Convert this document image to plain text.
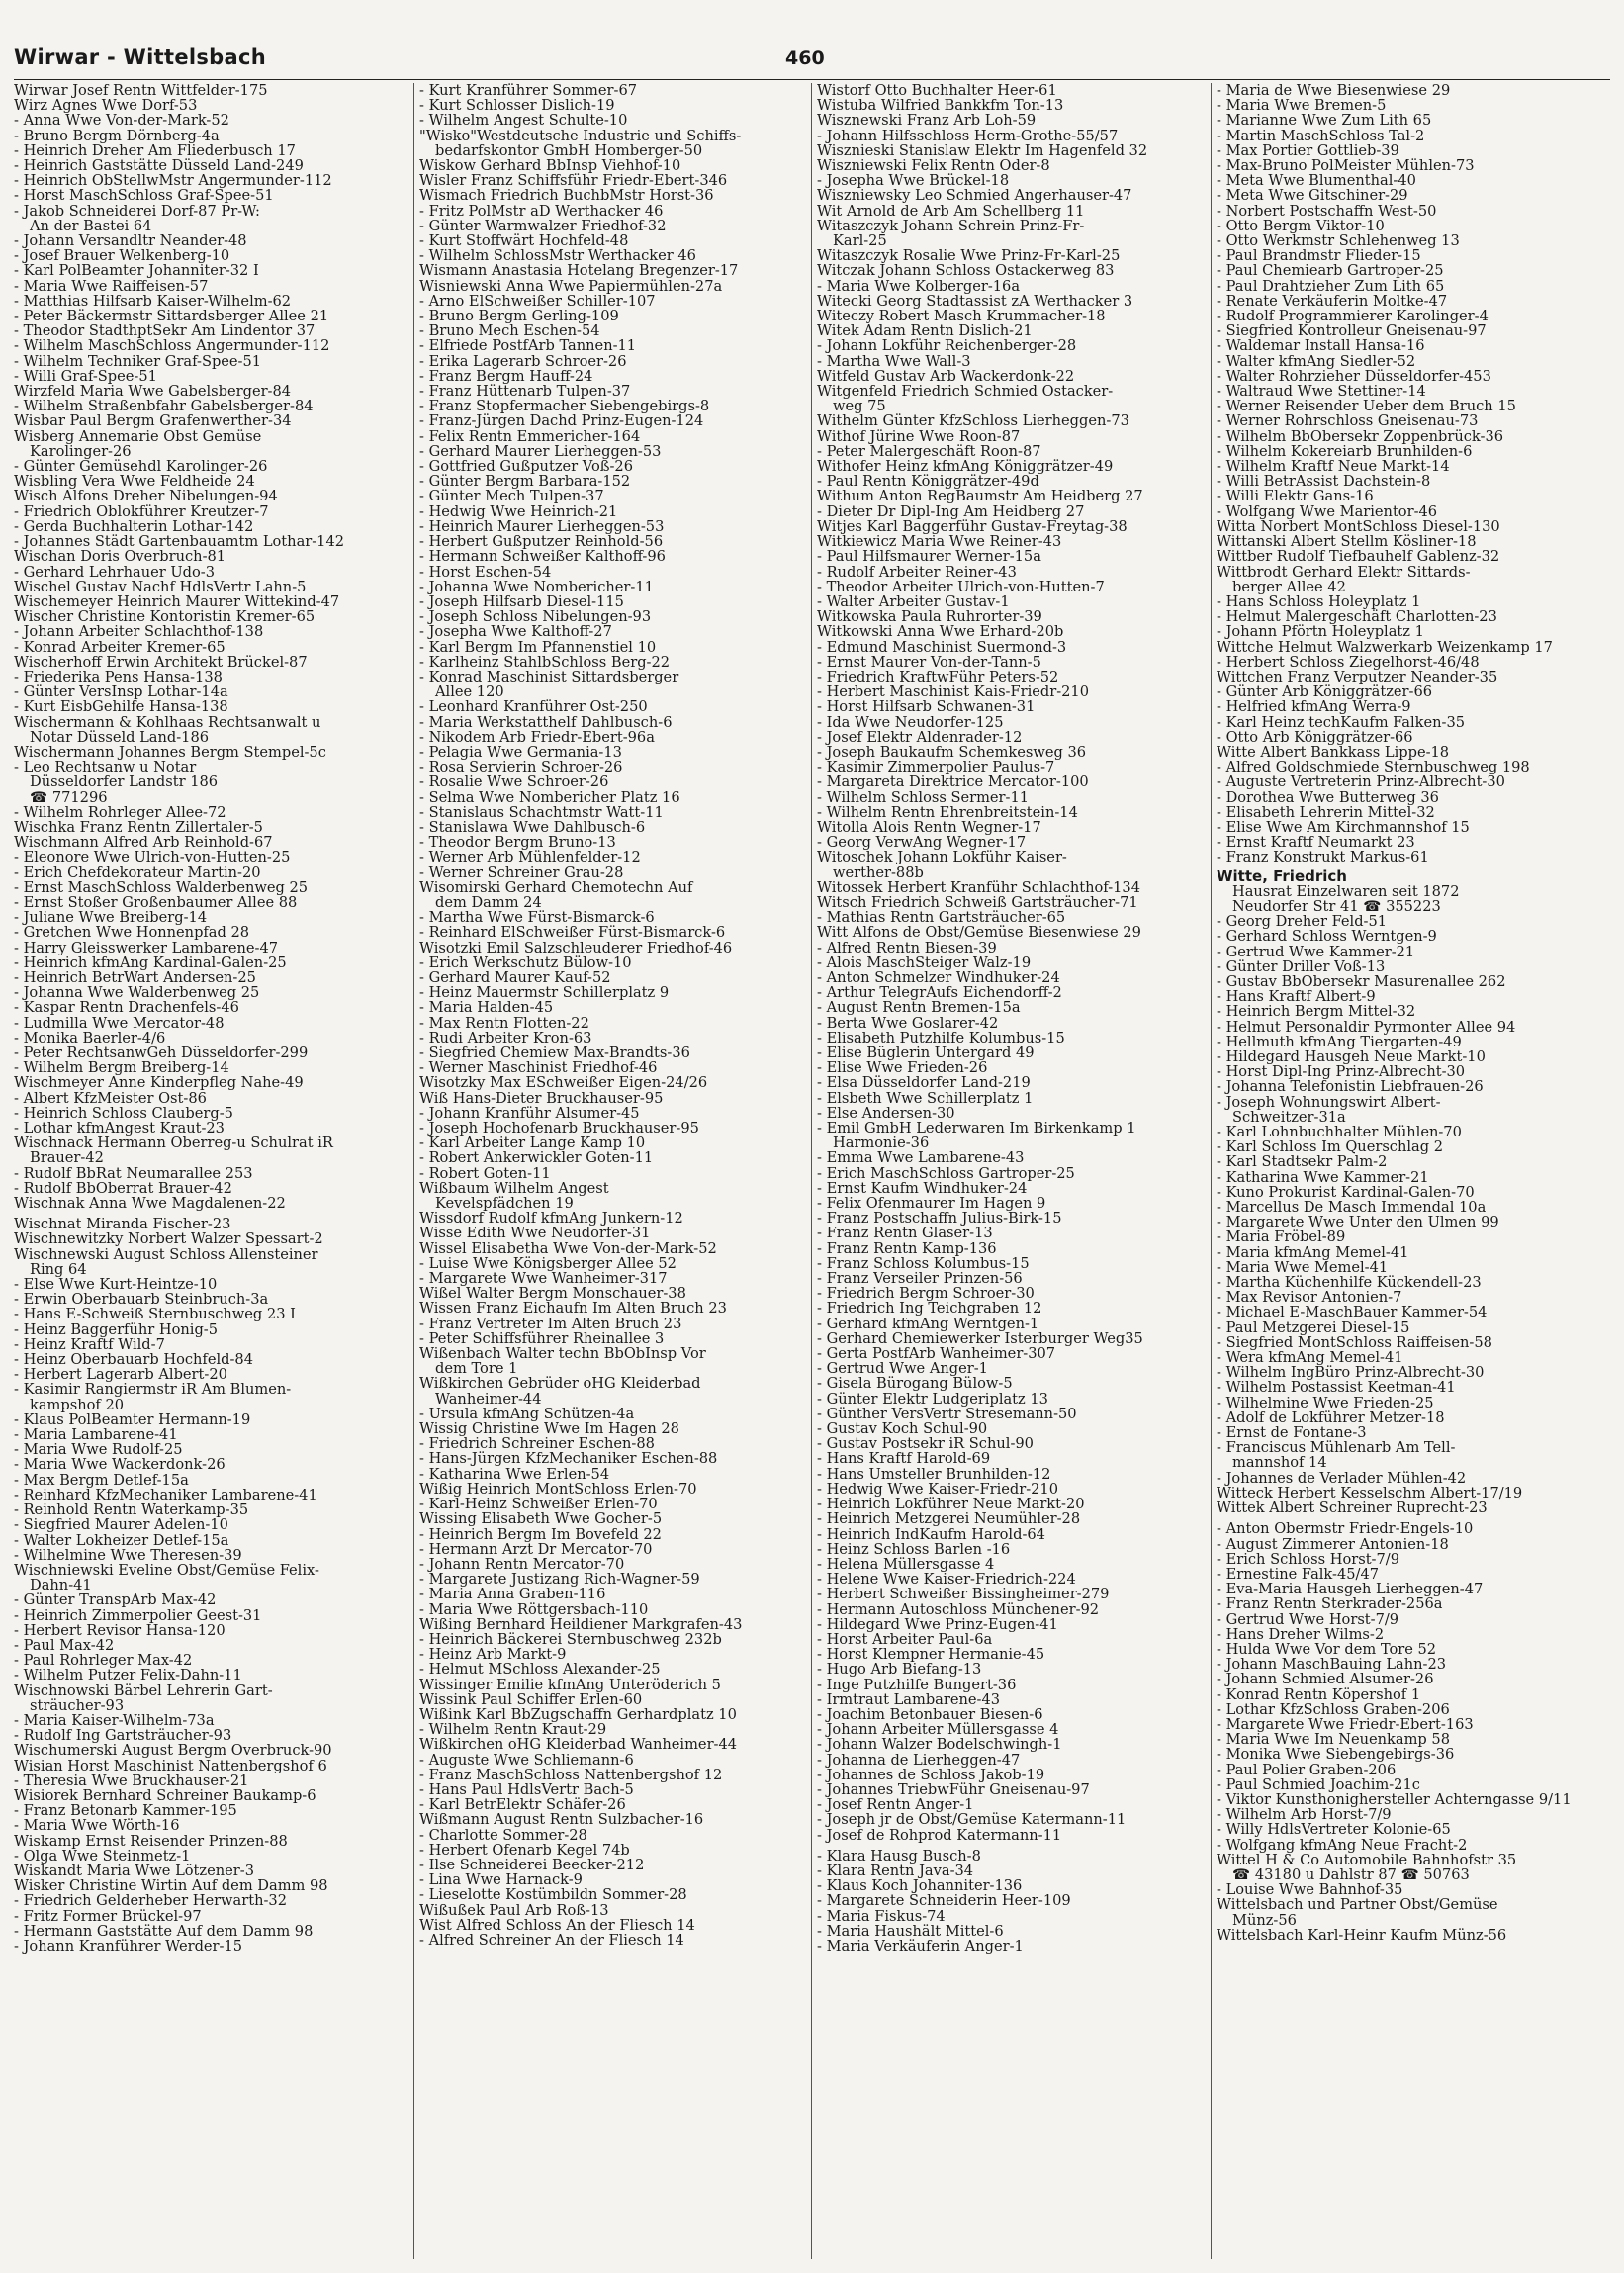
Wirwar - Wittelsbach	460
Wirwar Josef Rentn Wittfelder-175
Wirz Agnes Wwe Dorf-53
- Anna Wwe Von-der-Mark-52
- Bruno Bergm Dörnberg-4a
- Heinrich Dreher Am Fliederbusch 17
- Heinrich Gaststätte Düsseld Land-249
- Heinrich ObStellwMstr Angermunder-112
- Horst MaschSchloss Graf-Spee-51
- Jakob Schneiderei Dorf-87 Pr-W:
An der Bastei 64
- Johann Versandltr Neander-48
- Josef Brauer Welkenberg-10
- Karl PolBeamter Johanniter-32 I
- Maria Wwe Raiffeisen-57
- Matthias Hilfsarb Kaiser-Wilhelm-62
- Peter Bäckermstr Sittardsberger Allee 21
- Theodor StadthptSekr Am Lindentor 37
- Wilhelm MaschSchloss Angermunder-112
- Wilhelm Techniker Graf-Spee-51
- Willi Graf-Spee-51
Wirzfeld Maria Wwe Gabelsberger-84
- Wilhelm Straßenbfahr Gabelsberger-84
Wisbar Paul Bergm Grafenwerther-34
Wisberg Annemarie Obst Gemüse
Karolinger-26
- Günter Gemüsehdl Karolinger-26
Wisbling Vera Wwe Feldheide 24
Wisch Alfons Dreher Nibelungen-94
- Friedrich Oblokführer Kreutzer-7
- Gerda Buchhalterin Lothar-142
- Johannes Städt Gartenbauamtm Lothar-142
Wischan Doris Overbruch-81
- Gerhard Lehrhauer Udo-3
Wischel Gustav Nachf HdlsVertr Lahn-5
Wischemeyer Heinrich Maurer Wittekind-47
Wischer Christine Kontoristin Kremer-65
- Johann Arbeiter Schlachthof-138
- Konrad Arbeiter Kremer-65
Wischerhoff Erwin Architekt Brückel-87
- Friederika Pens Hansa-138
- Günter VersInsp Lothar-14a
- Kurt EisbGehilfe Hansa-138
Wischermann & Kohlhaas Rechtsanwalt u
Notar Düsseld Land-186
Wischermann Johannes Bergm Stempel-5c
- Leo Rechtsanw u Notar
Düsseldorfer Landstr 186
☎ 771296
- Wilhelm Rohrleger Allee-72
Wischka Franz Rentn Zillertaler-5
Wischmann Alfred Arb Reinhold-67
- Eleonore Wwe Ulrich-von-Hutten-25
- Erich Chefdekorateur Martin-20
- Ernst MaschSchloss Walderbenweg 25
- Ernst Stoßer Großenbaumer Allee 88
- Juliane Wwe Breiberg-14
- Gretchen Wwe Honnenpfad 28
- Harry Gleisswerker Lambarene-47
- Heinrich kfmAng Kardinal-Galen-25
- Heinrich BetrWart Andersen-25
- Johanna Wwe Walderbenweg 25
- Kaspar Rentn Drachenfels-46
- Ludmilla Wwe Mercator-48
- Monika Baerler-4/6
- Peter RechtsanwGeh Düsseldorfer-299
- Wilhelm Bergm Breiberg-14
Wischmeyer Anne Kinderpfleg Nahe-49
- Albert KfzMeister Ost-86
- Heinrich Schloss Clauberg-5
- Lothar kfmAngest Kraut-23
Wischnack Hermann Oberreg-u Schulrat iR
Brauer-42
- Rudolf BbRat Neumarallee 253
- Rudolf BbOberrat Brauer-42
Wischnak Anna Wwe Magdalenen-22
Wischnat Miranda Fischer-23
Wischnewitzky Norbert Walzer Spessart-2
Wischnewski August Schloss Allensteiner
Ring 64
- Else Wwe Kurt-Heintze-10
- Erwin Oberbauarb Steinbruch-3a
- Hans E-Schweiß Sternbuschweg 23 I
- Heinz Baggerführ Honig-5
- Heinz Kraftf Wild-7
- Heinz Oberbauarb Hochfeld-84
- Herbert Lagerarb Albert-20
- Kasimir Rangiermstr iR Am Blumen-
kampshof 20
- Klaus PolBeamter Hermann-19
- Maria Lambarene-41
- Maria Wwe Rudolf-25
- Maria Wwe Wackerdonk-26
- Max Bergm Detlef-15a
- Reinhard KfzMechaniker Lambarene-41
- Reinhold Rentn Waterkamp-35
- Siegfried Maurer Adelen-10
- Walter Lokheizer Detlef-15a
- Wilhelmine Wwe Theresen-39
Wischniewski Eveline Obst/Gemüse Felix-
Dahn-41
- Günter TranspArb Max-42
- Heinrich Zimmerpolier Geest-31
- Herbert Revisor Hansa-120
- Paul Max-42
- Paul Rohrleger Max-42
- Wilhelm Putzer Felix-Dahn-11
Wischnowski Bärbel Lehrerin Gart-
sträucher-93
- Maria Kaiser-Wilhelm-73a
- Rudolf Ing Gartsträucher-93
Wischumerski August Bergm Overbruck-90
Wisian Horst Maschinist Nattenbergshof 6
- Theresia Wwe Bruckhauser-21
Wisiorek Bernhard Schreiner Baukamp-6
- Franz Betonarb Kammer-195
- Maria Wwe Wörth-16
Wiskamp Ernst Reisender Prinzen-88
- Olga Wwe Steinmetz-1
Wiskandt Maria Wwe Lötzener-3
Wisker Christine Wirtin Auf dem Damm 98
- Friedrich Gelderheber Herwarth-32
- Fritz Former Brückel-97
- Hermann Gaststätte Auf dem Damm 98
- Johann Kranführer Werder-15
- Kurt Kranführer Sommer-67
- Kurt Schlosser Dislich-19
- Wilhelm Angest Schulte-10
"Wisko"Westdeutsche Industrie und Schiffs-
bedarfskontor GmbH Homberger-50
Wiskow Gerhard BbInsp Viehhof-10
Wisler Franz Schiffsführ Friedr-Ebert-346
Wismach Friedrich BuchbMstr Horst-36
- Fritz PolMstr aD Werthacker 46
- Günter Warmwalzer Friedhof-32
- Kurt Stoffwärt Hochfeld-48
- Wilhelm SchlossMstr Werthacker 46
Wismann Anastasia Hotelang Bregenzer-17
Wisniewski Anna Wwe Papiermühlen-27a
- Arno ElSchweißer Schiller-107
- Bruno Bergm Gerling-109
- Bruno Mech Eschen-54
- Elfriede PostfArb Tannen-11
- Erika Lagerarb Schroer-26
- Franz Bergm Hauff-24
- Franz Hüttenarb Tulpen-37
- Franz Stopfermacher Siebengebirgs-8
- Franz-Jürgen Dachd Prinz-Eugen-124
- Felix Rentn Emmericher-164
- Gerhard Maurer Lierheggen-53
- Gottfried Gußputzer Voß-26
- Günter Bergm Barbara-152
- Günter Mech Tulpen-37
- Hedwig Wwe Heinrich-21
- Heinrich Maurer Lierheggen-53
- Herbert Gußputzer Reinhold-56
- Hermann Schweißer Kalthoff-96
- Horst Eschen-54
- Johanna Wwe Nombericher-11
- Joseph Hilfsarb Diesel-115
- Joseph Schloss Nibelungen-93
- Josepha Wwe Kalthoff-27
- Karl Bergm Im Pfannenstiel 10
- Karlheinz StahlbSchloss Berg-22
- Konrad Maschinist Sittardsberger
Allee 120
- Leonhard Kranführer Ost-250
- Maria Werkstatthelf Dahlbusch-6
- Nikodem Arb Friedr-Ebert-96a
- Pelagia Wwe Germania-13
- Rosa Servierin Schroer-26
- Rosalie Wwe Schroer-26
- Selma Wwe Nombericher Platz 16
- Stanislaus Schachtmstr Watt-11
- Stanislawa Wwe Dahlbusch-6
- Theodor Bergm Bruno-13
- Werner Arb Mühlenfelder-12
- Werner Schreiner Grau-28
Wisomirski Gerhard Chemotechn Auf
dem Damm 24
- Martha Wwe Fürst-Bismarck-6
- Reinhard ElSchweißer Fürst-Bismarck-6
Wisotzki Emil Salzschleuderer Friedhof-46
- Erich Werkschutz Bülow-10
- Gerhard Maurer Kauf-52
- Heinz Mauermstr Schillerplatz 9
- Maria Halden-45
- Max Rentn Flotten-22
- Rudi Arbeiter Kron-63
- Siegfried Chemiew Max-Brandts-36
- Werner Maschinist Friedhof-46
Wisotzky Max ESchweißer Eigen-24/26
Wiß Hans-Dieter Bruckhauser-95
- Johann Kranführ Alsumer-45
- Joseph Hochofenarb Bruckhauser-95
- Karl Arbeiter Lange Kamp 10
- Robert Ankerwickler Goten-11
- Robert Goten-11
Wißbaum Wilhelm Angest
Kevelspfädchen 19
Wissdorf Rudolf kfmAng Junkern-12
Wisse Edith Wwe Neudorfer-31
Wissel Elisabetha Wwe Von-der-Mark-52
- Luise Wwe Königsberger Allee 52
- Margarete Wwe Wanheimer-317
Wißel Walter Bergm Monschauer-38
Wissen Franz Eichaufn Im Alten Bruch 23
- Franz Vertreter Im Alten Bruch 23
- Peter Schiffsführer Rheinallee 3
Wißenbach Walter techn BbObInsp Vor
dem Tore 1
Wißkirchen Gebrüder oHG Kleiderbad
Wanheimer-44
- Ursula kfmAng Schützen-4a
Wissig Christine Wwe Im Hagen 28
- Friedrich Schreiner Eschen-88
- Hans-Jürgen KfzMechaniker Eschen-88
- Katharina Wwe Erlen-54
Wißig Heinrich MontSchloss Erlen-70
- Karl-Heinz Schweißer Erlen-70
Wissing Elisabeth Wwe Gocher-5
- Heinrich Bergm Im Bovefeld 22
- Hermann Arzt Dr Mercator-70
- Johann Rentn Mercator-70
- Margarete Justizang Rich-Wagner-59
- Maria Anna Graben-116
- Maria Wwe Röttgersbach-110
Wißing Bernhard Heildiener Markgrafen-43
- Heinrich Bäckerei Sternbuschweg 232b
- Heinz Arb Markt-9
- Helmut MSchloss Alexander-25
Wissinger Emilie kfmAng Unteröderich 5
Wissink Paul Schiffer Erlen-60
Wißink Karl BbZugschaffn Gerhardplatz 10
- Wilhelm Rentn Kraut-29
Wißkirchen oHG Kleiderbad Wanheimer-44
- Auguste Wwe Schliemann-6
- Franz MaschSchloss Nattenbergshof 12
- Hans Paul HdlsVertr Bach-5
- Karl BetrElektr Schäfer-26
Wißmann August Rentn Sulzbacher-16
- Charlotte Sommer-28
- Herbert Ofenarb Kegel 74b
- Ilse Schneiderei Beecker-212
- Lina Wwe Harnack-9
- Lieselotte Kostümbildn Sommer-28
Wißußek Paul Arb Roß-13
Wist Alfred Schloss An der Fliesch 14
- Alfred Schreiner An der Fliesch 14
Wistorf Otto Buchhalter Heer-61
Wistuba Wilfried Bankkfm Ton-13
Wisznewski Franz Arb Loh-59
- Johann Hilfsschloss Herm-Grothe-55/57
Wisznieski Stanislaw Elektr Im Hagenfeld 32
Wiszniewski Felix Rentn Oder-8
- Josepha Wwe Brückel-18
Wiszniewsky Leo Schmied Angerhauser-47
Wit Arnold de Arb Am Schellberg 11
Witaszczyk Johann Schrein Prinz-Fr-
Karl-25
Witaszczyk Rosalie Wwe Prinz-Fr-Karl-25
Witczak Johann Schloss Ostackerweg 83
- Maria Wwe Kolberger-16a
Witecki Georg Stadtassist zA Werthacker 3
Witeczy Robert Masch Krummacher-18
Witek Adam Rentn Dislich-21
- Johann Lokführ Reichenberger-28
- Martha Wwe Wall-3
Witfeld Gustav Arb Wackerdonk-22
Witgenfeld Friedrich Schmied Ostacker-
weg 75
Withelm Günter KfzSchloss Lierheggen-73
Withof Jürine Wwe Roon-87
- Peter Malergeschäft Roon-87
Withofer Heinz kfmAng Königgrätzer-49
- Paul Rentn Königgrätzer-49d
Withum Anton RegBaumstr Am Heidberg 27
- Dieter Dr Dipl-Ing Am Heidberg 27
Witjes Karl Baggerführ Gustav-Freytag-38
Witkiewicz Maria Wwe Reiner-43
- Paul Hilfsmaurer Werner-15a
- Rudolf Arbeiter Reiner-43
- Theodor Arbeiter Ulrich-von-Hutten-7
- Walter Arbeiter Gustav-1
Witkowska Paula Ruhrorter-39
Witkowski Anna Wwe Erhard-20b
- Edmund Maschinist Suermond-3
- Ernst Maurer Von-der-Tann-5
- Friedrich KraftwFühr Peters-52
- Herbert Maschinist Kais-Friedr-210
- Horst Hilfsarb Schwanen-31
- Ida Wwe Neudorfer-125
- Josef Elektr Aldenrader-12
- Joseph Baukaufm Schemkesweg 36
- Kasimir Zimmerpolier Paulus-7
- Margareta Direktrice Mercator-100
- Wilhelm Schloss Sermer-11
- Wilhelm Rentn Ehrenbreitstein-14
Witolla Alois Rentn Wegner-17
- Georg VerwAng Wegner-17
Witoschek Johann Lokführ Kaiser-
werther-88b
Witossek Herbert Kranführ Schlachthof-134
Witsch Friedrich Schweiß Gartsträucher-71
- Mathias Rentn Gartsträucher-65
Witt Alfons de Obst/Gemüse Biesenwiese 29
- Alfred Rentn Biesen-39
- Alois MaschSteiger Walz-19
- Anton Schmelzer Windhuker-24
- Arthur TelegrAufs Eichendorff-2
- August Rentn Bremen-15a
- Berta Wwe Goslarer-42
- Elisabeth Putzhilfe Kolumbus-15
- Elise Büglerin Untergard 49
- Elise Wwe Frieden-26
- Elsa Düsseldorfer Land-219
- Elsbeth Wwe Schillerplatz 1
- Else Andersen-30
- Emil GmbH Lederwaren Im Birkenkamp 1
Harmonie-36
- Emma Wwe Lambarene-43
- Erich MaschSchloss Gartroper-25
- Ernst Kaufm Windhuker-24
- Felix Ofenmaurer Im Hagen 9
- Franz Postschaffn Julius-Birk-15
- Franz Rentn Glaser-13
- Franz Rentn Kamp-136
- Franz Schloss Kolumbus-15
- Franz Verseiler Prinzen-56
- Friedrich Bergm Schroer-30
- Friedrich Ing Teichgraben 12
- Gerhard kfmAng Werntgen-1
- Gerhard Chemiewerker Isterburger Weg35
- Gerta PostfArb Wanheimer-307
- Gertrud Wwe Anger-1
- Gisela Bürogang Bülow-5
- Günter Elektr Ludgeriplatz 13
- Günther VersVertr Stresemann-50
- Gustav Koch Schul-90
- Gustav Postsekr iR Schul-90
- Hans Kraftf Harold-69
- Hans Umsteller Brunhilden-12
- Hedwig Wwe Kaiser-Friedr-210
- Heinrich Lokführer Neue Markt-20
- Heinrich Metzgerei Neumühler-28
- Heinrich IndKaufm Harold-64
- Heinz Schloss Barlen -16
- Helena Müllersgasse 4
- Helene Wwe Kaiser-Friedrich-224
- Herbert Schweißer Bissingheimer-279
- Hermann Autoschloss Münchener-92
- Hildegard Wwe Prinz-Eugen-41
- Horst Arbeiter Paul-6a
- Horst Klempner Hermanie-45
- Hugo Arb Biefang-13
- Inge Putzhilfe Bungert-36
- Irmtraut Lambarene-43
- Joachim Betonbauer Biesen-6
- Johann Arbeiter Müllersgasse 4
- Johann Walzer Bodelschwingh-1
- Johanna de Lierheggen-47
- Johannes de Schloss Jakob-19
- Johannes TriebwFühr Gneisenau-97
- Josef Rentn Anger-1
- Joseph jr de Obst/Gemüse Katermann-11
- Josef de Rohprod Katermann-11
- Klara Hausg Busch-8
- Klara Rentn Java-34
- Klaus Koch Johanniter-136
- Margarete Schneiderin Heer-109
- Maria Fiskus-74
- Maria Haushält Mittel-6
- Maria Verkäuferin Anger-1
- Maria de Wwe Biesenwiese 29
- Maria Wwe Bremen-5
- Marianne Wwe Zum Lith 65
- Martin MaschSchloss Tal-2
- Max Portier Gottlieb-39
- Max-Bruno PolMeister Mühlen-73
- Meta Wwe Blumenthal-40
- Meta Wwe Gitschiner-29
- Norbert Postschaffn West-50
- Otto Bergm Viktor-10
- Otto Werkmstr Schlehenweg 13
- Paul Brandmstr Flieder-15
- Paul Chemiearb Gartroper-25
- Paul Drahtzieher Zum Lith 65
- Renate Verkäuferin Moltke-47
- Rudolf Programmierer Karolinger-4
- Siegfried Kontrolleur Gneisenau-97
- Waldemar Install Hansa-16
- Walter kfmAng Siedler-52
- Walter Rohrzieher Düsseldorfer-453
- Waltraud Wwe Stettiner-14
- Werner Reisender Ueber dem Bruch 15
- Werner Rohrschloss Gneisenau-73
- Wilhelm BbObersekr Zoppenbrück-36
- Wilhelm Kokereiarb Brunhilden-6
- Wilhelm Kraftf Neue Markt-14
- Willi BetrAssist Dachstein-8
- Willi Elektr Gans-16
- Wolfgang Wwe Marientor-46
Witta Norbert MontSchloss Diesel-130
Wittanski Albert Stellm Kösliner-18
Wittber Rudolf Tiefbauhelf Gablenz-32
Wittbrodt Gerhard Elektr Sittards-
berger Allee 42
- Hans Schloss Holeyplatz 1
- Helmut Malergeschäft Charlotten-23
- Johann Pförtn Holeyplatz 1
Wittche Helmut Walzwerkarb Weizenkamp 17
- Herbert Schloss Ziegelhorst-46/48
Wittchen Franz Verputzer Neander-35
- Günter Arb Königgrätzer-66
- Helfried kfmAng Werra-9
- Karl Heinz techKaufm Falken-35
- Otto Arb Königgrätzer-66
Witte Albert Bankkass Lippe-18
- Alfred Goldschmiede Sternbuschweg 198
- Auguste Vertreterin Prinz-Albrecht-30
- Dorothea Wwe Butterweg 36
- Elisabeth Lehrerin Mittel-32
- Elise Wwe Am Kirchmannshof 15
- Ernst Kraftf Neumarkt 23
- Franz Konstrukt Markus-61
Witte, Friedrich
Hausrat Einzelwaren seit 1872
Neudorfer Str 41 ☎ 355223
- Georg Dreher Feld-51
- Gerhard Schloss Werntgen-9
- Gertrud Wwe Kammer-21
- Günter Driller Voß-13
- Gustav BbObersekr Masurenallee 262
- Hans Kraftf Albert-9
- Heinrich Bergm Mittel-32
- Helmut Personaldir Pyrmonter Allee 94
- Hellmuth kfmAng Tiergarten-49
- Hildegard Hausgeh Neue Markt-10
- Horst Dipl-Ing Prinz-Albrecht-30
- Johanna Telefonistin Liebfrauen-26
- Joseph Wohnungswirt Albert-
Schweitzer-31a
- Karl Lohnbuchhalter Mühlen-70
- Karl Schloss Im Querschlag 2
- Karl Stadtsekr Palm-2
- Katharina Wwe Kammer-21
- Kuno Prokurist Kardinal-Galen-70
- Marcellus De Masch Immendal 10a
- Margarete Wwe Unter den Ulmen 99
- Maria Fröbel-89
- Maria kfmAng Memel-41
- Maria Wwe Memel-41
- Martha Küchenhilfe Kückendell-23
- Max Revisor Antonien-7
- Michael E-MaschBauer Kammer-54
- Paul Metzgerei Diesel-15
- Siegfried MontSchloss Raiffeisen-58
- Wera kfmAng Memel-41
- Wilhelm IngBüro Prinz-Albrecht-30
- Wilhelm Postassist Keetman-41
- Wilhelmine Wwe Frieden-25
- Adolf de Lokführer Metzer-18
- Ernst de Fontane-3
- Franciscus Mühlenarb Am Tell-
mannshof 14
- Johannes de Verlader Mühlen-42
Witteck Herbert Kesselschm Albert-17/19
Wittek Albert Schreiner Ruprecht-23
- Anton Obermstr Friedr-Engels-10
- August Zimmerer Antonien-18
- Erich Schloss Horst-7/9
- Ernestine Falk-45/47
- Eva-Maria Hausgeh Lierheggen-47
- Franz Rentn Sterkrader-256a
- Gertrud Wwe Horst-7/9
- Hans Dreher Wilms-2
- Hulda Wwe Vor dem Tore 52
- Johann MaschBauing Lahn-23
- Johann Schmied Alsumer-26
- Konrad Rentn Köpershof 1
- Lothar KfzSchloss Graben-206
- Margarete Wwe Friedr-Ebert-163
- Maria Wwe Im Neuenkamp 58
- Monika Wwe Siebengebirgs-36
- Paul Polier Graben-206
- Paul Schmied Joachim-21c
- Viktor Kunsthonighersteller Achterngasse 9/11
- Wilhelm Arb Horst-7/9
- Willy HdlsVertreter Kolonie-65
- Wolfgang kfmAng Neue Fracht-2
Wittel H & Co Automobile Bahnhofstr 35
☎ 43180 u Dahlstr 87 ☎ 50763
- Louise Wwe Bahnhof-35
Wittelsbach und Partner Obst/Gemüse
Münz-56
Wittelsbach Karl-Heinr Kaufm Münz-56
